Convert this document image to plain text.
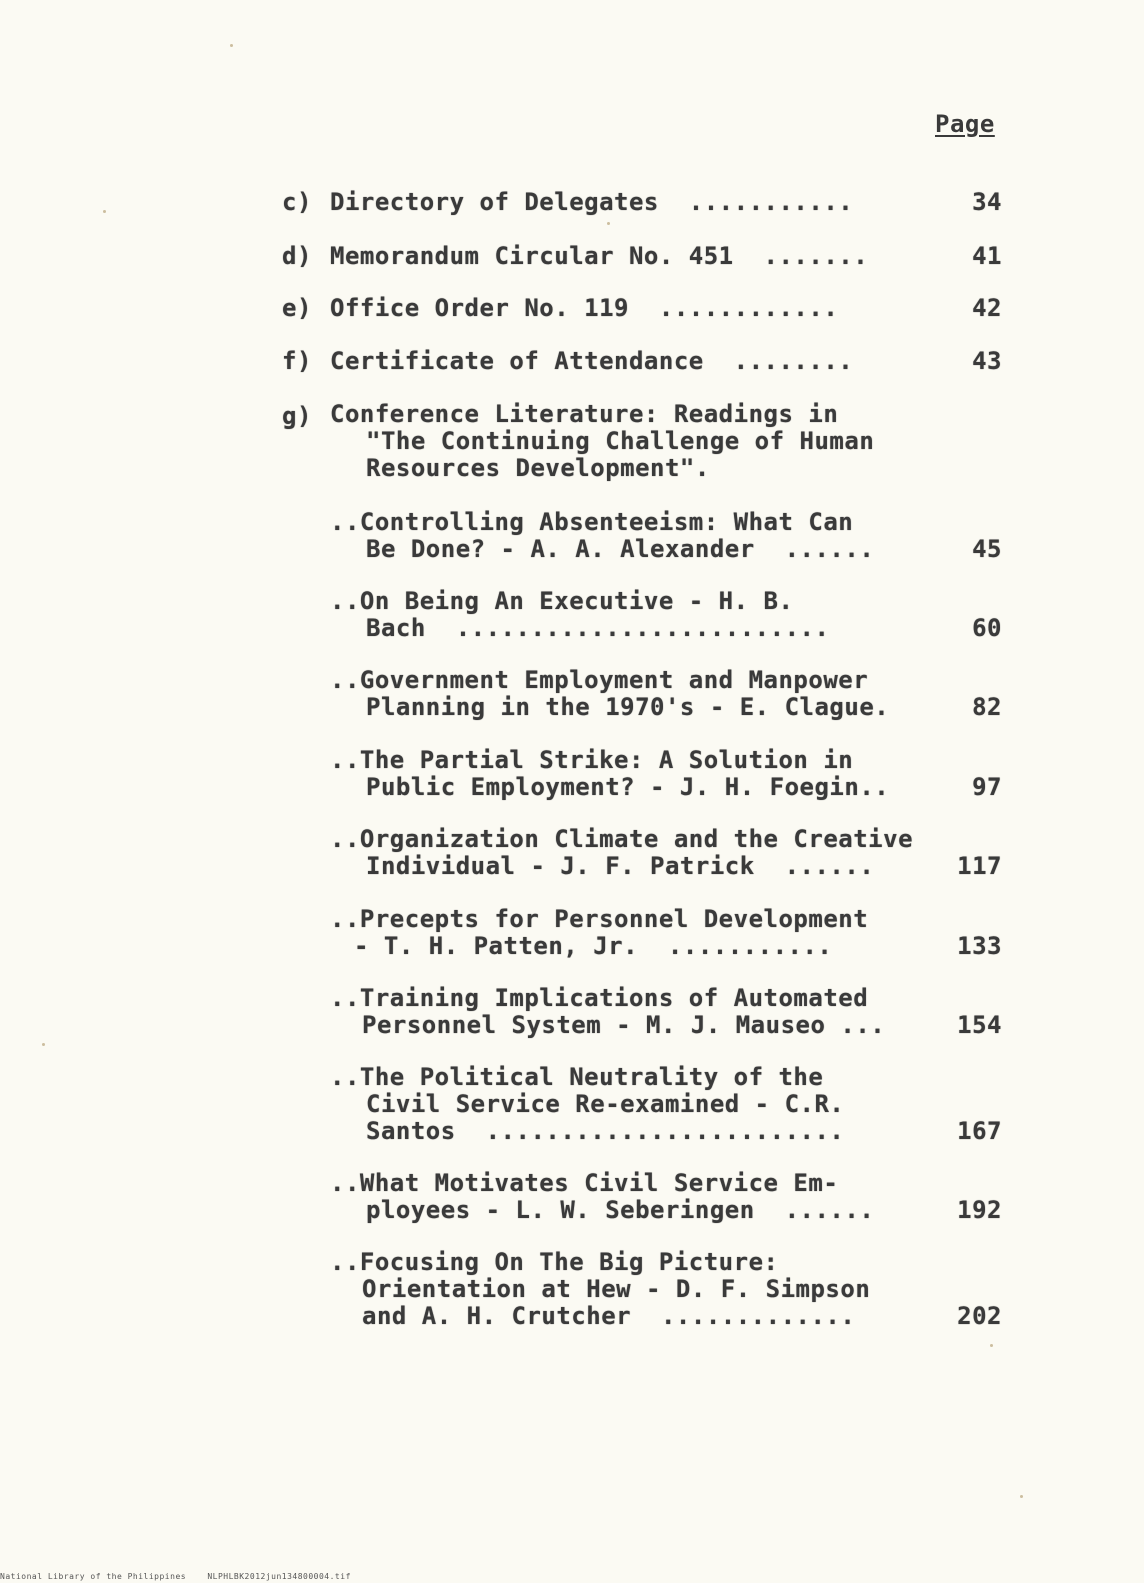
Page
c) Directory of Delegates  ...........	34
d) Memorandum Circular No. 451  .......	41
e) Office Order No. 119  ............	42
f) Certificate of Attendance  ........	43
g) Conference Literature: Readings in
"The Continuing Challenge of Human
Resources Development".
..Controlling Absenteeism: What Can
Be Done? - A. A. Alexander  ......	45
..On Being An Executive - H. B.
Bach  .........................	60
..Government Employment and Manpower
Planning in the 1970's - E. Clague.	82
..The Partial Strike: A Solution in
Public Employment? - J. H. Foegin..	97
..Organization Climate and the Creative
Individual - J. F. Patrick  ......	117
..Precepts for Personnel Development
- T. H. Patten, Jr.  ...........	133
..Training Implications of Automated
Personnel System - M. J. Mauseo ...	154
..The Political Neutrality of the
Civil Service Re-examined - C.R.
Santos  ........................	167
..What Motivates Civil Service Em-
ployees - L. W. Seberingen  ......	192
..Focusing On The Big Picture:
Orientation at Hew - D. F. Simpson
and A. H. Crutcher  .............	202
National Library of the Philippines    NLPHLBK2012jun134800004.tif
